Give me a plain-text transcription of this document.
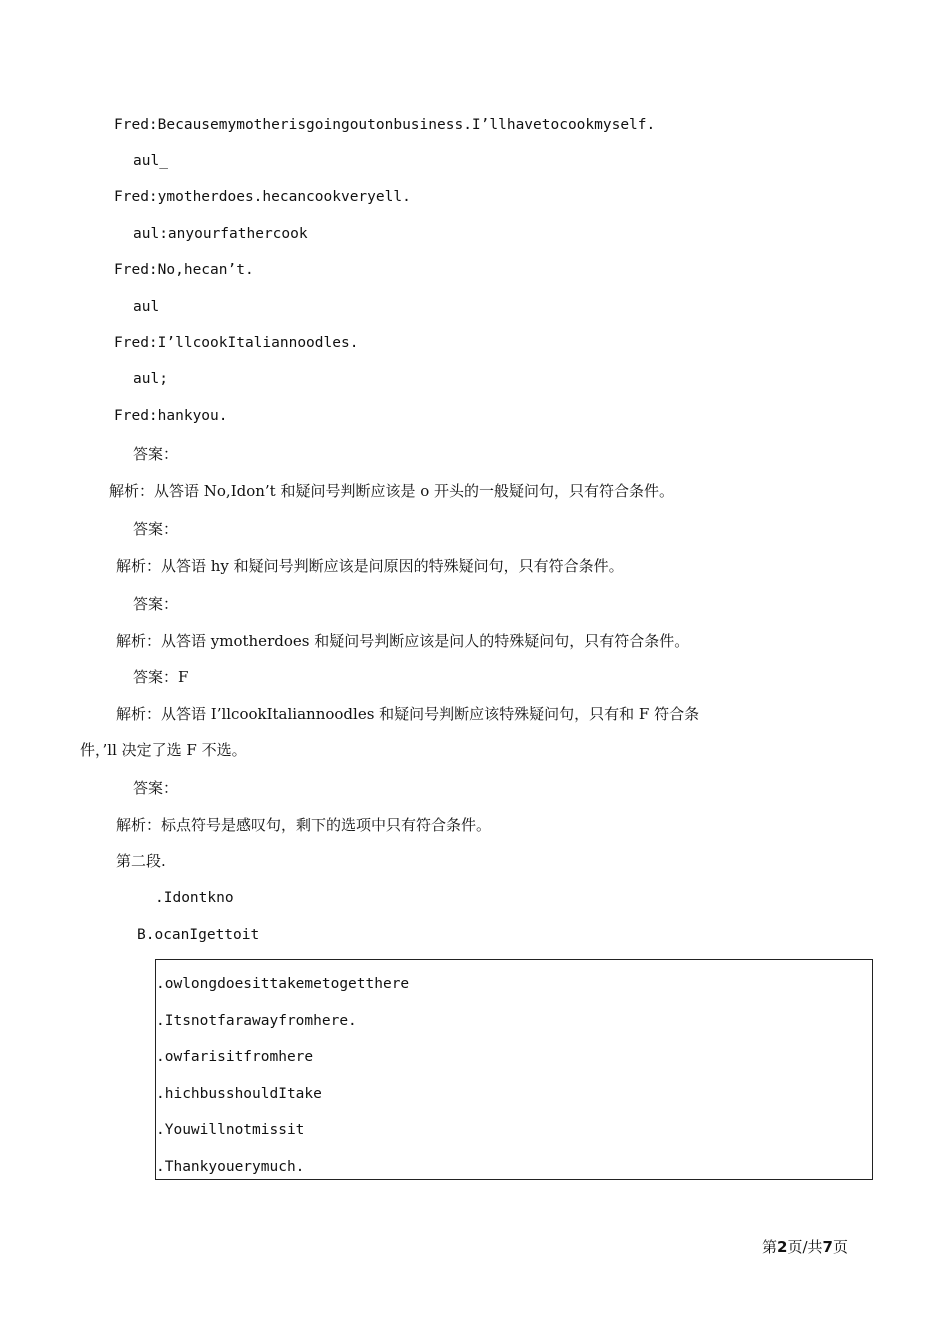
Fred:Becausemymotherisgoingoutonbusiness.I’llhavetocookmyself.
aul_
Fred:ymotherdoes.hecancookveryell.
aul:anyourfathercook
Fred:No,hecan’t.
aul
Fred:I’llcookItaliannoodles.
aul;
Fred:hankyou.
答案：
解析：从答语 No,Idon’t 和疑问号判断应该是 o 开头的一般疑问句，只有符合条件。
答案：
解析：从答语 hy 和疑问号判断应该是问原因的特殊疑问句，只有符合条件。
答案：
解析：从答语 ymotherdoes 和疑问号判断应该是问人的特殊疑问句，只有符合条件。
答案：F
解析：从答语 I’llcookItaliannoodles 和疑问号判断应该特殊疑问句，只有和 F 符合条
件，’ll 决定了选 F 不选。
答案：
解析：标点符号是感叹句，剩下的选项中只有符合条件。
第二段.
.Idontkno
B.ocanIgettoit
.owlongdoesittakemetogetthere
.Itsnotfarawayfromhere.
.owfarisitfromhere
.hichbusshouldItake
.Youwillnotmissit
.Thankyouerymuch.
第2页/共7页
